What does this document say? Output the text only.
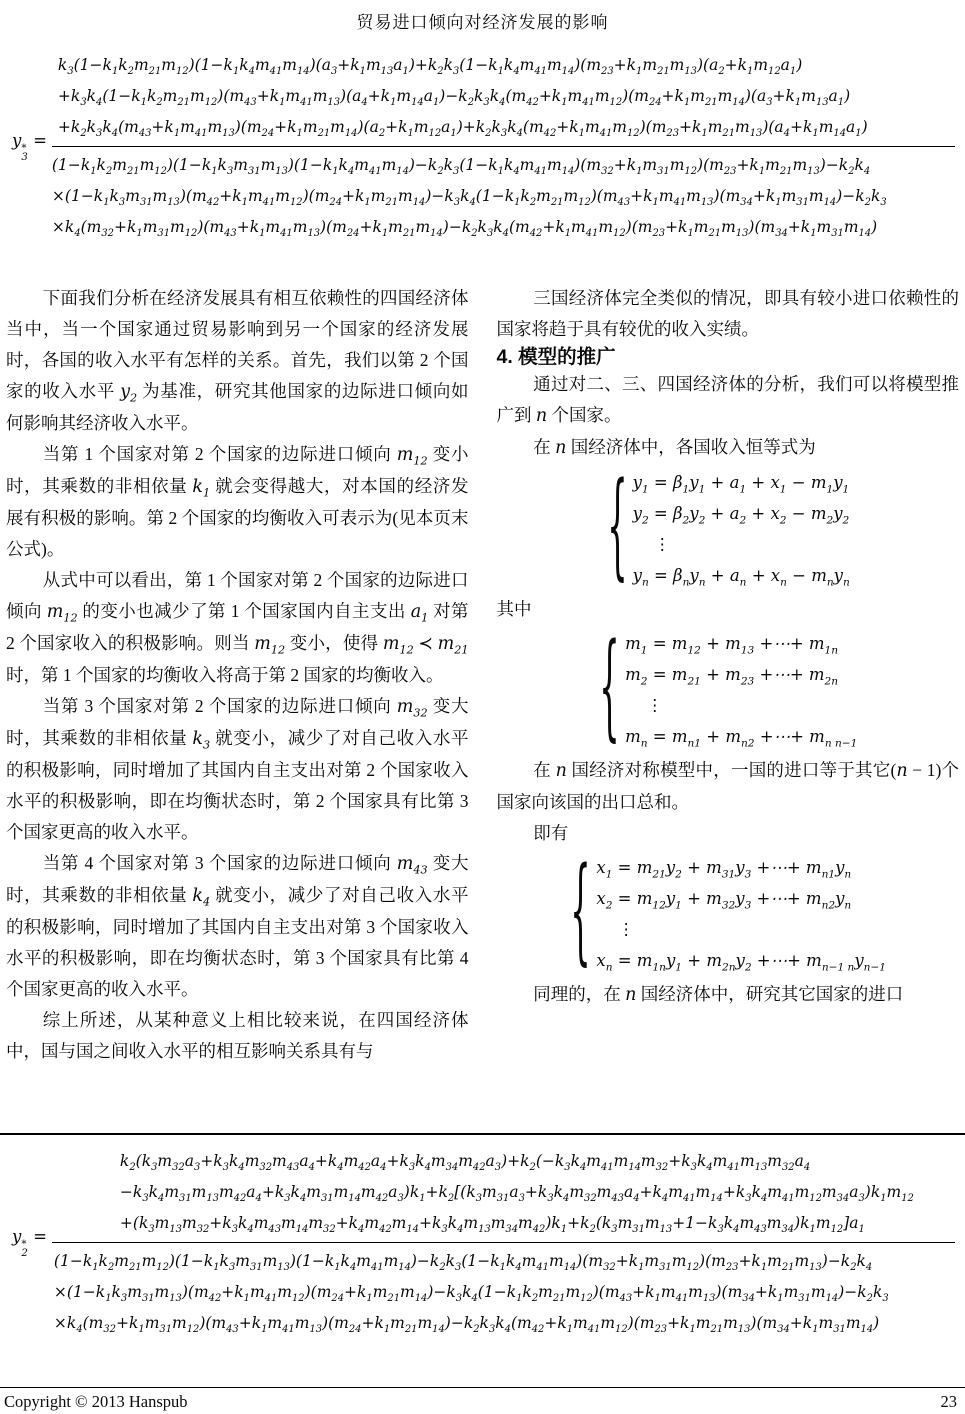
贸易进口倾向对经济发展的影响
y *
3
=
$k_3(1-k_1k_2m_{21}m_{12})(1-k_1k_4m_{41}m_{14})(a_3+k_1m_{13}a_1)+k_2k_3(1-k_1k_4m_{41}m_{14})(m_{23}+k_1m_{21}m_{13})(a_2+k_1m_{12}a_1)$
$+k_3k_4(1-k_1k_2m_{21}m_{12})(m_{43}+k_1m_{41}m_{13})(a_4+k_1m_{14}a_1)-k_2k_3k_4(m_{42}+k_1m_{41}m_{12})(m_{24}+k_1m_{21}m_{14})(a_3+k_1m_{13}a_1)$
$+k_2k_3k_4(m_{43}+k_1m_{41}m_{13})(m_{24}+k_1m_{21}m_{14})(a_2+k_1m_{12}a_1)+k_2k_3k_4(m_{42}+k_1m_{41}m_{12})(m_{23}+k_1m_{21}m_{13})(a_4+k_1m_{14}a_1)$
$(1-k_1k_2m_{21}m_{12})(1-k_1k_3m_{31}m_{13})(1-k_1k_4m_{41}m_{14})-k_2k_3(1-k_1k_4m_{41}m_{14})(m_{32}+k_1m_{31}m_{12})(m_{23}+k_1m_{21}m_{13})-k_2k_4$
$\times(1-k_1k_3m_{31}m_{13})(m_{42}+k_1m_{41}m_{12})(m_{24}+k_1m_{21}m_{14})-k_3k_4(1-k_1k_2m_{21}m_{12})(m_{43}+k_1m_{41}m_{13})(m_{34}+k_1m_{31}m_{14})-k_2k_3$
$\times k_4(m_{32}+k_1m_{31}m_{12})(m_{43}+k_1m_{41}m_{13})(m_{24}+k_1m_{21}m_{14})-k_2k_3k_4(m_{42}+k_1m_{41}m_{12})(m_{23}+k_1m_{21}m_{13})(m_{34}+k_1m_{31}m_{14})$

下面我们分析在经济发展具有相互依赖性的四国经济体当中，当一个国家通过贸易影响到另一个国家的经济发展时，各国的收入水平有怎样的关系。首先，我们以第 2 个国家的收入水平 $y_2$ 为基准，研究其他国家的边际进口倾向如何影响其经济收入水平。

当第 1 个国家对第 2 个国家的边际进口倾向 $m_{12}$ 变小时，其乘数的非相依量 $k_1$ 就会变得越大，对本国的经济发展有积极的影响。第 2 个国家的均衡收入可表示为(见本页末公式)。

从式中可以看出，第 1 个国家对第 2 个国家的边际进口倾向 $m_{12}$ 的变小也减少了第 1 个国家国内自主支出 $a_1$ 对第 2 个国家收入的积极影响。则当 $m_{12}$ 变小，使得 $m_{12}$ ≺ $m_{21}$ 时，第 1 个国家的均衡收入将高于第 2 国家的均衡收入。

当第 3 个国家对第 2 个国家的边际进口倾向 $m_{32}$ 变大时，其乘数的非相依量 $k_3$ 就变小，减少了对自己收入水平的积极影响，同时增加了其国内自主支出对第 2 个国家收入水平的积极影响，即在均衡状态时，第 2 个国家具有比第 3 个国家更高的收入水平。

当第 4 个国家对第 3 个国家的边际进口倾向 $m_{43}$ 变大时，其乘数的非相依量 $k_4$ 就变小，减少了对自己收入水平的积极影响，同时增加了其国内自主支出对第 3 个国家收入水平的积极影响，即在均衡状态时，第 3 个国家具有比第 4 个国家更高的收入水平。

综上所述，从某种意义上相比较来说，在四国经济体中，国与国之间收入水平的相互影响关系具有与

三国经济体完全类似的情况，即具有较小进口依赖性的国家将趋于具有较优的收入实绩。

4. 模型的推广

通过对二、三、四国经济体的分析，我们可以将模型推广到 n 个国家。

在 n 国经济体中，各国收入恒等式为

{ $y_1 = \beta_1y_1 + a_1 + x_1 - m_1y_1$
$y_2 = \beta_2y_2 + a_2 + x_2 - m_2y_2$
⋮
$y_n = \beta_ny_n + a_n + x_n - m_ny_n$

其中

{ $m_1 = m_{12} + m_{13}$ +⋯+ $m_{1n}$
$m_2 = m_{21} + m_{23}$ +⋯+ $m_{2n}$
⋮
$m_n = m_{n1} + m_{n2}$ +⋯+ $m_{n n-1}$

在 n 国经济对称模型中，一国的进口等于其它(n − 1)个国家向该国的出口总和。

即有

{ $x_1 = m_{21}y_2 + m_{31}y_3$ +⋯+ $m_{n1}y_n$
$x_2 = m_{12}y_1 + m_{32}y_3$ +⋯+ $m_{n2}y_n$
⋮
$x_n = m_{1n}y_1 + m_{2n}y_2$ +⋯+ $m_{n-1 n}y_{n-1}$

同理的，在 n 国经济体中，研究其它国家的进口

y *
2
=
$k_2(k_3m_{32}a_3+k_3k_4m_{32}m_{43}a_4+k_4m_{42}a_4+k_3k_4m_{34}m_{42}a_3)+k_2(-k_3k_4m_{41}m_{14}m_{32}+k_3k_4m_{41}m_{13}m_{32}a_4$
$-k_3k_4m_{31}m_{13}m_{42}a_4+k_3k_4m_{31}m_{14}m_{42}a_3)k_1+k_2[(k_3m_{31}a_3+k_3k_4m_{32}m_{43}a_4+k_4m_{41}m_{14}+k_3k_4m_{41}m_{12}m_{34}a_3)k_1m_{12}$
$+(k_3m_{13}m_{32}+k_3k_4m_{43}m_{14}m_{32}+k_4m_{42}m_{14}+k_3k_4m_{13}m_{34}m_{42})k_1+k_2(k_3m_{31}m_{13}+1-k_3k_4m_{43}m_{34})k_1m_{12}]a_1$
$(1-k_1k_2m_{21}m_{12})(1-k_1k_3m_{31}m_{13})(1-k_1k_4m_{41}m_{14})-k_2k_3(1-k_1k_4m_{41}m_{14})(m_{32}+k_1m_{31}m_{12})(m_{23}+k_1m_{21}m_{13})-k_2k_4$
$\times(1-k_1k_3m_{31}m_{13})(m_{42}+k_1m_{41}m_{12})(m_{24}+k_1m_{21}m_{14})-k_3k_4(1-k_1k_2m_{21}m_{12})(m_{43}+k_1m_{41}m_{13})(m_{34}+k_1m_{31}m_{14})-k_2k_3$
$\times k_4(m_{32}+k_1m_{31}m_{12})(m_{43}+k_1m_{41}m_{13})(m_{24}+k_1m_{21}m_{14})-k_2k_3k_4(m_{42}+k_1m_{41}m_{12})(m_{23}+k_1m_{21}m_{13})(m_{34}+k_1m_{31}m_{14})$
Copyright © 2013 Hanspub	23
